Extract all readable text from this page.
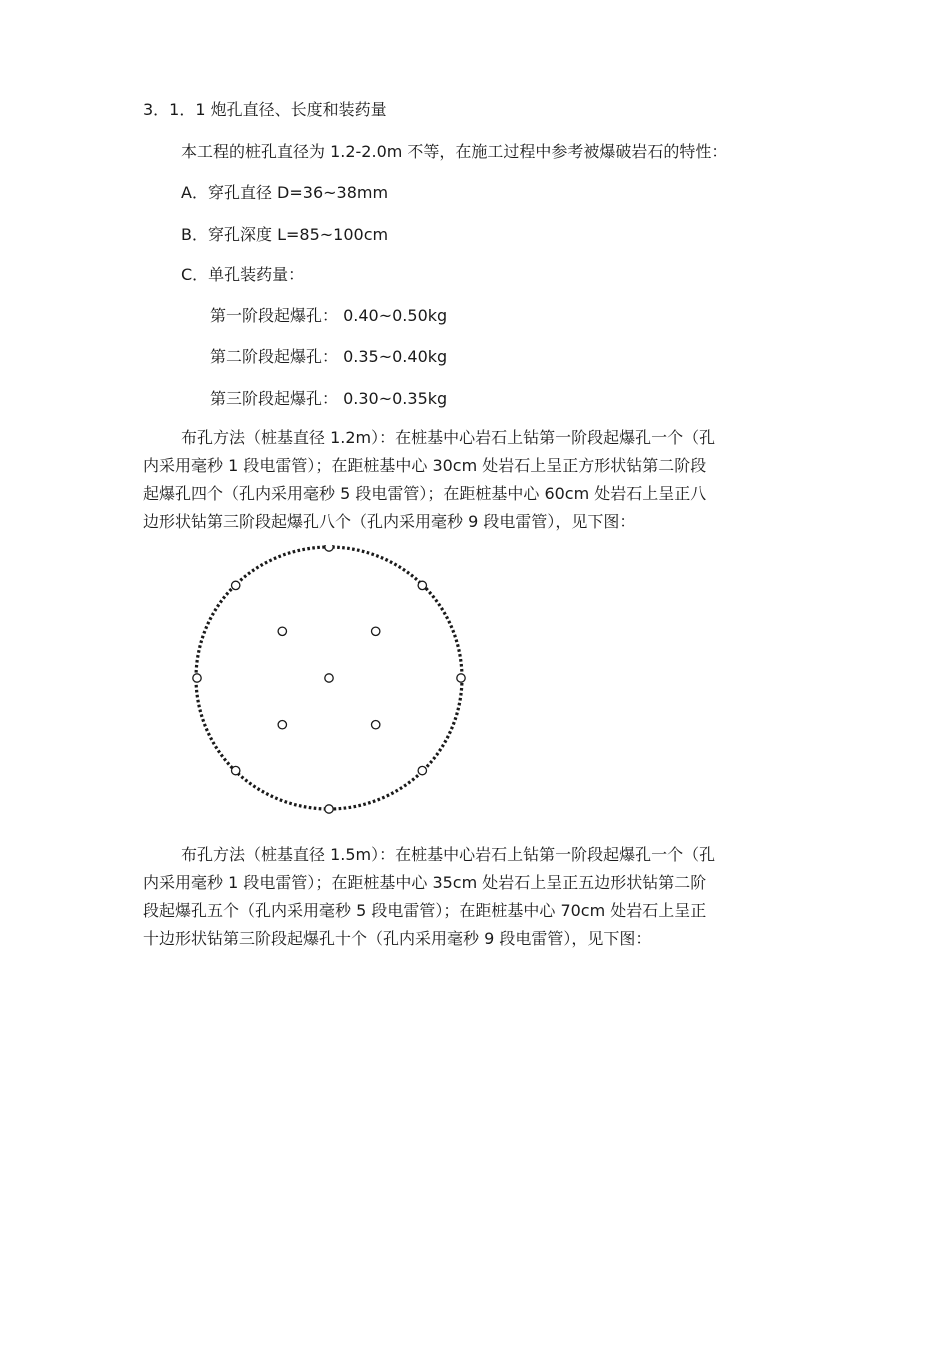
3．1．1 炮孔直径、长度和装药量
本工程的桩孔直径为 1.2-2.0m 不等，在施工过程中参考被爆破岩石的特性：
A．穿孔直径 D=36~38mm
B．穿孔深度 L=85~100cm
C．单孔装药量：
第一阶段起爆孔： 0.40~0.50kg
第二阶段起爆孔： 0.35~0.40kg
第三阶段起爆孔： 0.30~0.35kg
布孔方法（桩基直径 1.2m）：在桩基中心岩石上钻第一阶段起爆孔一个（孔
内采用毫秒 1 段电雷管）；在距桩基中心 30cm 处岩石上呈正方形状钻第二阶段
起爆孔四个（孔内采用毫秒 5 段电雷管）；在距桩基中心 60cm 处岩石上呈正八
边形状钻第三阶段起爆孔八个（孔内采用毫秒 9 段电雷管），见下图：
布孔方法（桩基直径 1.5m）：在桩基中心岩石上钻第一阶段起爆孔一个（孔
内采用毫秒 1 段电雷管）；在距桩基中心 35cm 处岩石上呈正五边形状钻第二阶
段起爆孔五个（孔内采用毫秒 5 段电雷管）；在距桩基中心 70cm 处岩石上呈正
十边形状钻第三阶段起爆孔十个（孔内采用毫秒 9 段电雷管），见下图：
